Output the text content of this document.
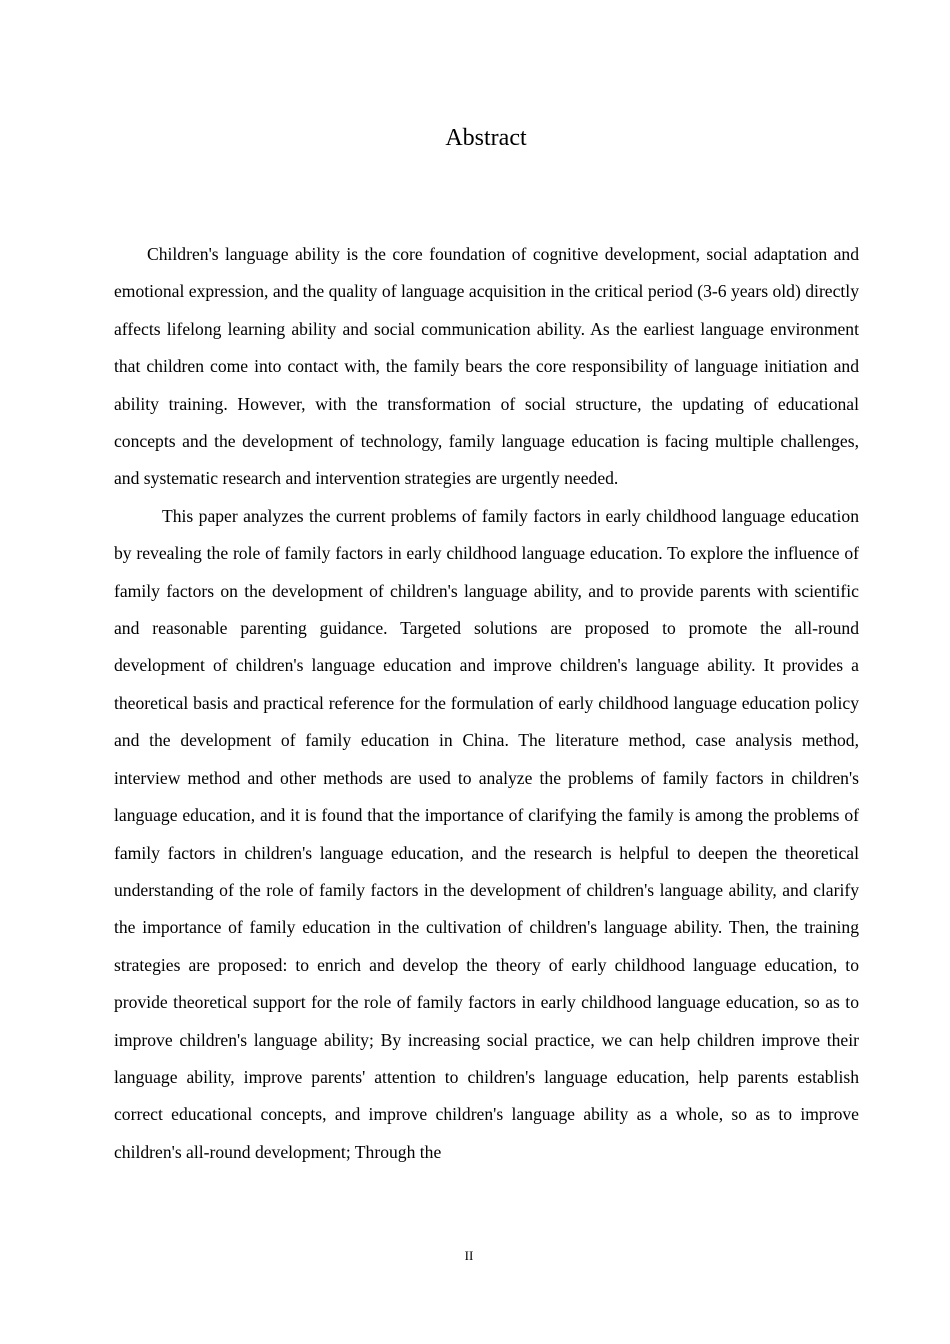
Abstract

Children's language ability is the core foundation of cognitive development, social adaptation and emotional expression, and the quality of language acquisition in the critical period (3-6 years old) directly affects lifelong learning ability and social communication ability. As the earliest language environment that children come into contact with, the family bears the core responsibility of language initiation and ability training. However, with the transformation of social structure, the updating of educational concepts and the development of technology, family language education is facing multiple challenges, and systematic research and intervention strategies are urgently needed.

This paper analyzes the current problems of family factors in early childhood language education by revealing the role of family factors in early childhood language education. To explore the influence of family factors on the development of children's language ability, and to provide parents with scientific and reasonable parenting guidance. Targeted solutions are proposed to promote the all-round development of children's language education and improve children's language ability. It provides a theoretical basis and practical reference for the formulation of early childhood language education policy and the development of family education in China. The literature method, case analysis method, interview method and other methods are used to analyze the problems of family factors in children's language education, and it is found that the importance of clarifying the family is among the problems of family factors in children's language education, and the research is helpful to deepen the theoretical understanding of the role of family factors in the development of children's language ability, and clarify the importance of family education in the cultivation of children's language ability. Then, the training strategies are proposed: to enrich and develop the theory of early childhood language education, to provide theoretical support for the role of family factors in early childhood language education, so as to improve children's language ability; By increasing social practice, we can help children improve their language ability, improve parents' attention to children's language education, help parents establish correct educational concepts, and improve children's language ability as a whole, so as to improve children's all-round development; Through the

II
